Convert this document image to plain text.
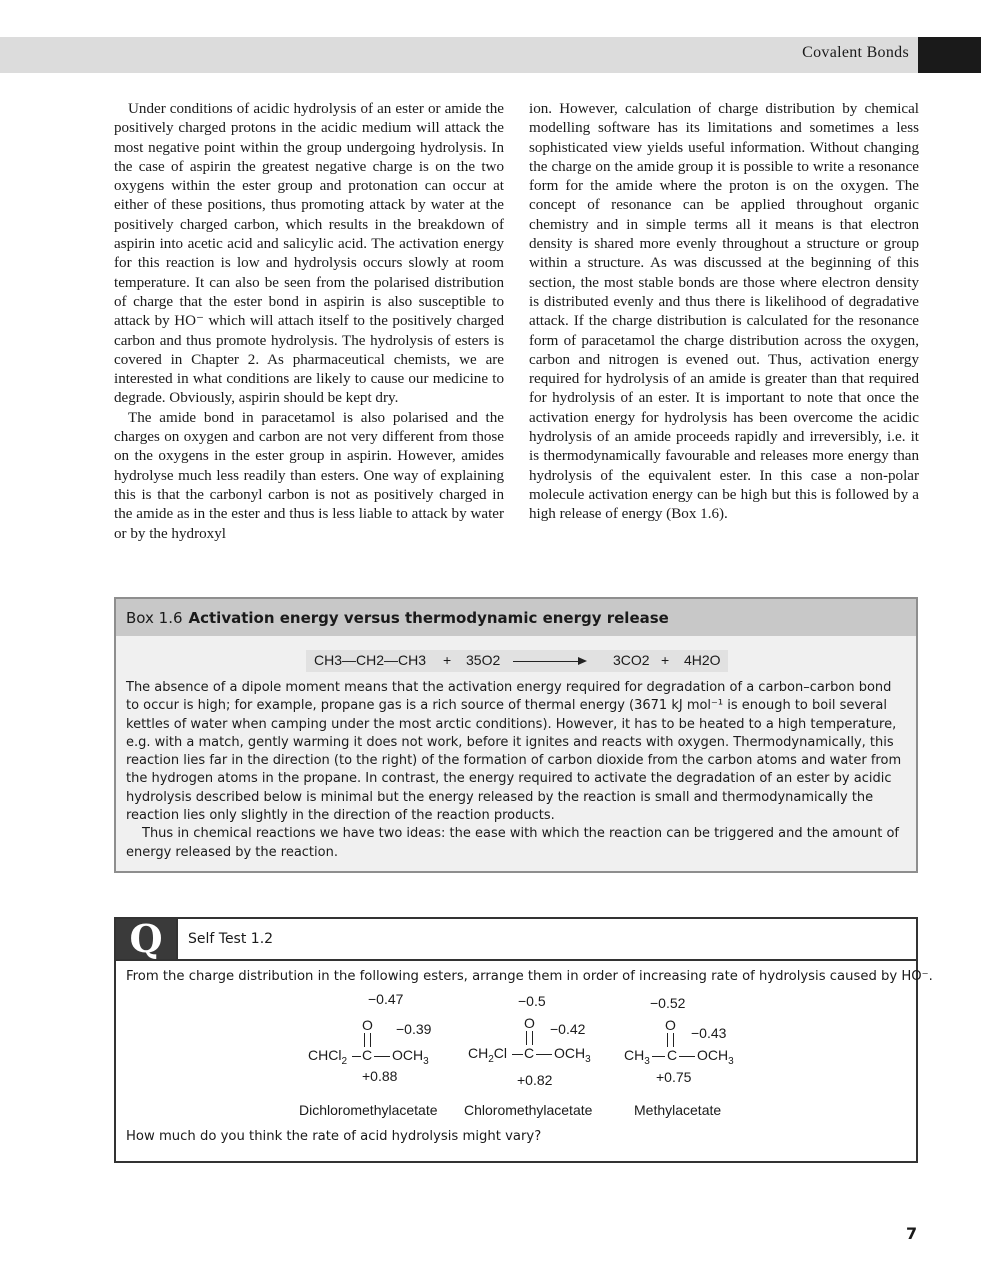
Covalent Bonds

Under conditions of acidic hydrolysis of an ester or amide the positively charged protons in the acidic medium will attack the most negative point within the group undergoing hydrolysis. In the case of aspirin the greatest negative charge is on the two oxygens within the ester group and protonation can occur at either of these positions, thus promoting attack by water at the positively charged carbon, which results in the breakdown of aspirin into acetic acid and salicylic acid. The activation energy for this reaction is low and hydrolysis occurs slowly at room temperature. It can also be seen from the polarised distribution of charge that the ester bond in aspirin is also susceptible to attack by HO⁻ which will attach itself to the positively charged carbon and thus promote hydrolysis. The hydrolysis of esters is covered in Chapter 2. As pharmaceutical chemists, we are interested in what conditions are likely to cause our medicine to degrade. Obviously, aspirin should be kept dry.

The amide bond in paracetamol is also polarised and the charges on oxygen and carbon are not very different from those on the oxygens in the ester group in aspirin. However, amides hydrolyse much less readily than esters. One way of explaining this is that the carbonyl carbon is not as positively charged in the amide as in the ester and thus is less liable to attack by water or by the hydroxyl

ion. However, calculation of charge distribution by chemical modelling software has its limitations and sometimes a less sophisticated view yields useful information. Without changing the charge on the amide group it is possible to write a resonance form for the amide where the proton is on the oxygen. The concept of resonance can be applied throughout organic chemistry and in simple terms all it means is that electron density is shared more evenly throughout a structure or group within a structure. As was discussed at the beginning of this section, the most stable bonds are those where electron density is distributed evenly and thus there is likelihood of degradative attack. If the charge distribution is calculated for the resonance form of paracetamol the charge distribution across the oxygen, carbon and nitrogen is evened out. Thus, activation energy required for hydrolysis of an amide is greater than that required for hydrolysis of an ester. It is important to note that once the activation energy for hydrolysis has been overcome the acidic hydrolysis of an amide proceeds rapidly and irreversibly, i.e. it is thermodynamically favourable and releases more energy than hydrolysis of the equivalent ester. In this case a non-polar molecule activation energy can be high but this is followed by a high release of energy (Box 1.6).

Box 1.6 Activation energy versus thermodynamic energy release
CH3—CH2—CH3 + 35O2	3CO2 + 4H2O

The absence of a dipole moment means that the activation energy required for degradation of a carbon–carbon bond to occur is high; for example, propane gas is a rich source of thermal energy (3671 kJ mol⁻¹ is enough to boil several kettles of water when camping under the most arctic conditions). However, it has to be heated to a high temperature, e.g. with a match, gently warming it does not work, before it ignites and reacts with oxygen. Thermodynamically, this reaction lies far in the direction (to the right) of the formation of carbon dioxide from the carbon atoms and water from the hydrogen atoms in the propane. In contrast, the energy required to activate the degradation of an ester by acidic hydrolysis described below is minimal but the energy released by the reaction is small and thermodynamically the reaction lies only slightly in the direction of the reaction products.

Thus in chemical reactions we have two ideas: the ease with which the reaction can be triggered and the amount of energy released by the reaction.

Q	Self Test 1.2
From the charge distribution in the following esters, arrange them in order of increasing rate of hydrolysis caused by HO⁻.
−0.47
O −0.39
CHCl$_2$ C $OCH_3$
+0.88
Dichloromethylacetate
−0.5
O −0.42
$CH_2Cl$ C $OCH_3$
+0.82
Chloromethylacetate
−0.52
O −0.43
$CH_3$ C $OCH_3$
+0.75
Methylacetate
How much do you think the rate of acid hydrolysis might vary?
7
